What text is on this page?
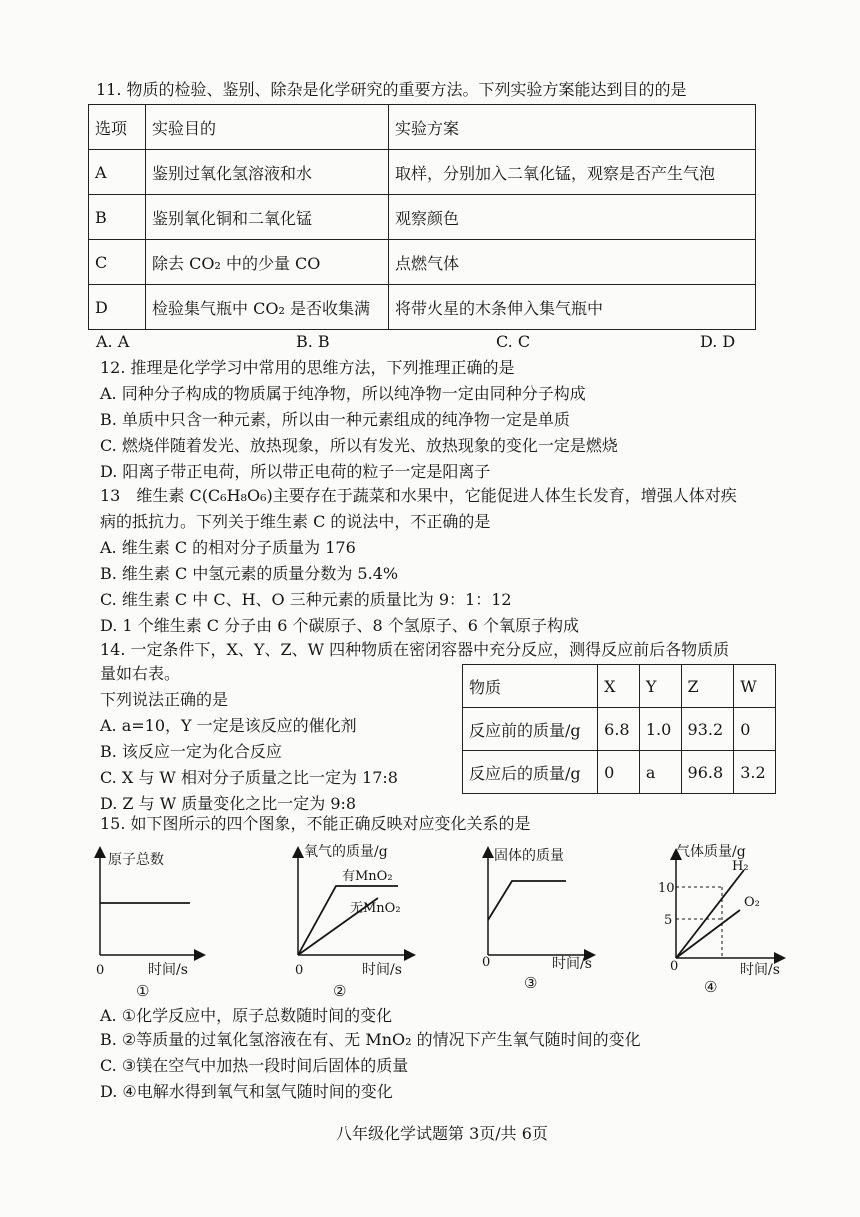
11. 物质的检验、鉴别、除杂是化学研究的重要方法。下列实验方案能达到目的的是
选项	实验目的	实验方案
A	鉴别过氧化氢溶液和水	取样，分别加入二氧化锰，观察是否产生气泡
B	鉴别氧化铜和二氧化锰	观察颜色
C	除去 CO₂ 中的少量 CO	点燃气体
D	检验集气瓶中 CO₂ 是否收集满	将带火星的木条伸入集气瓶中
A. A	B. B	C. C	D. D
12. 推理是化学学习中常用的思维方法，下列推理正确的是
A. 同种分子构成的物质属于纯净物，所以纯净物一定由同种分子构成
B. 单质中只含一种元素，所以由一种元素组成的纯净物一定是单质
C. 燃烧伴随着发光、放热现象，所以有发光、放热现象的变化一定是燃烧
D. 阳离子带正电荷，所以带正电荷的粒子一定是阳离子
13　维生素 C(C₆H₈O₆)主要存在于蔬菜和水果中，它能促进人体生长发育，增强人体对疾
病的抵抗力。下列关于维生素 C 的说法中，不正确的是
A. 维生素 C 的相对分子质量为 176
B. 维生素 C 中氢元素的质量分数为 5.4%
C. 维生素 C 中 C、H、O 三种元素的质量比为 9：1：12
D. 1 个维生素 C 分子由 6 个碳原子、8 个氢原子、6 个氧原子构成
14. 一定条件下，X、Y、Z、W 四种物质在密闭容器中充分反应，测得反应前后各物质质
量如右表。
下列说法正确的是
A. a=10，Y 一定是该反应的催化剂
B. 该反应一定为化合反应
C. X 与 W 相对分子质量之比一定为 17:8
D. Z 与 W 质量变化之比一定为 9:8
物质	X	Y	Z	W
反应前的质量/g	6.8	1.0	93.2	0
反应后的质量/g	0	a	96.8	3.2
15. 如下图所示的四个图象，不能正确反映对应变化关系的是
原子总数
0	时间/s
①
氧气的质量/g
有MnO₂
无MnO₂
0	时间/s
②
固体的质量
0	时间/s
③
气体质量/g
10
5
H₂
O₂
0	时间/s
④
A. ①化学反应中，原子总数随时间的变化
B. ②等质量的过氧化氢溶液在有、无 MnO₂ 的情况下产生氧气随时间的变化
C. ③镁在空气中加热一段时间后固体的质量
D. ④电解水得到氧气和氢气随时间的变化
八年级化学试题第 3页/共 6页
